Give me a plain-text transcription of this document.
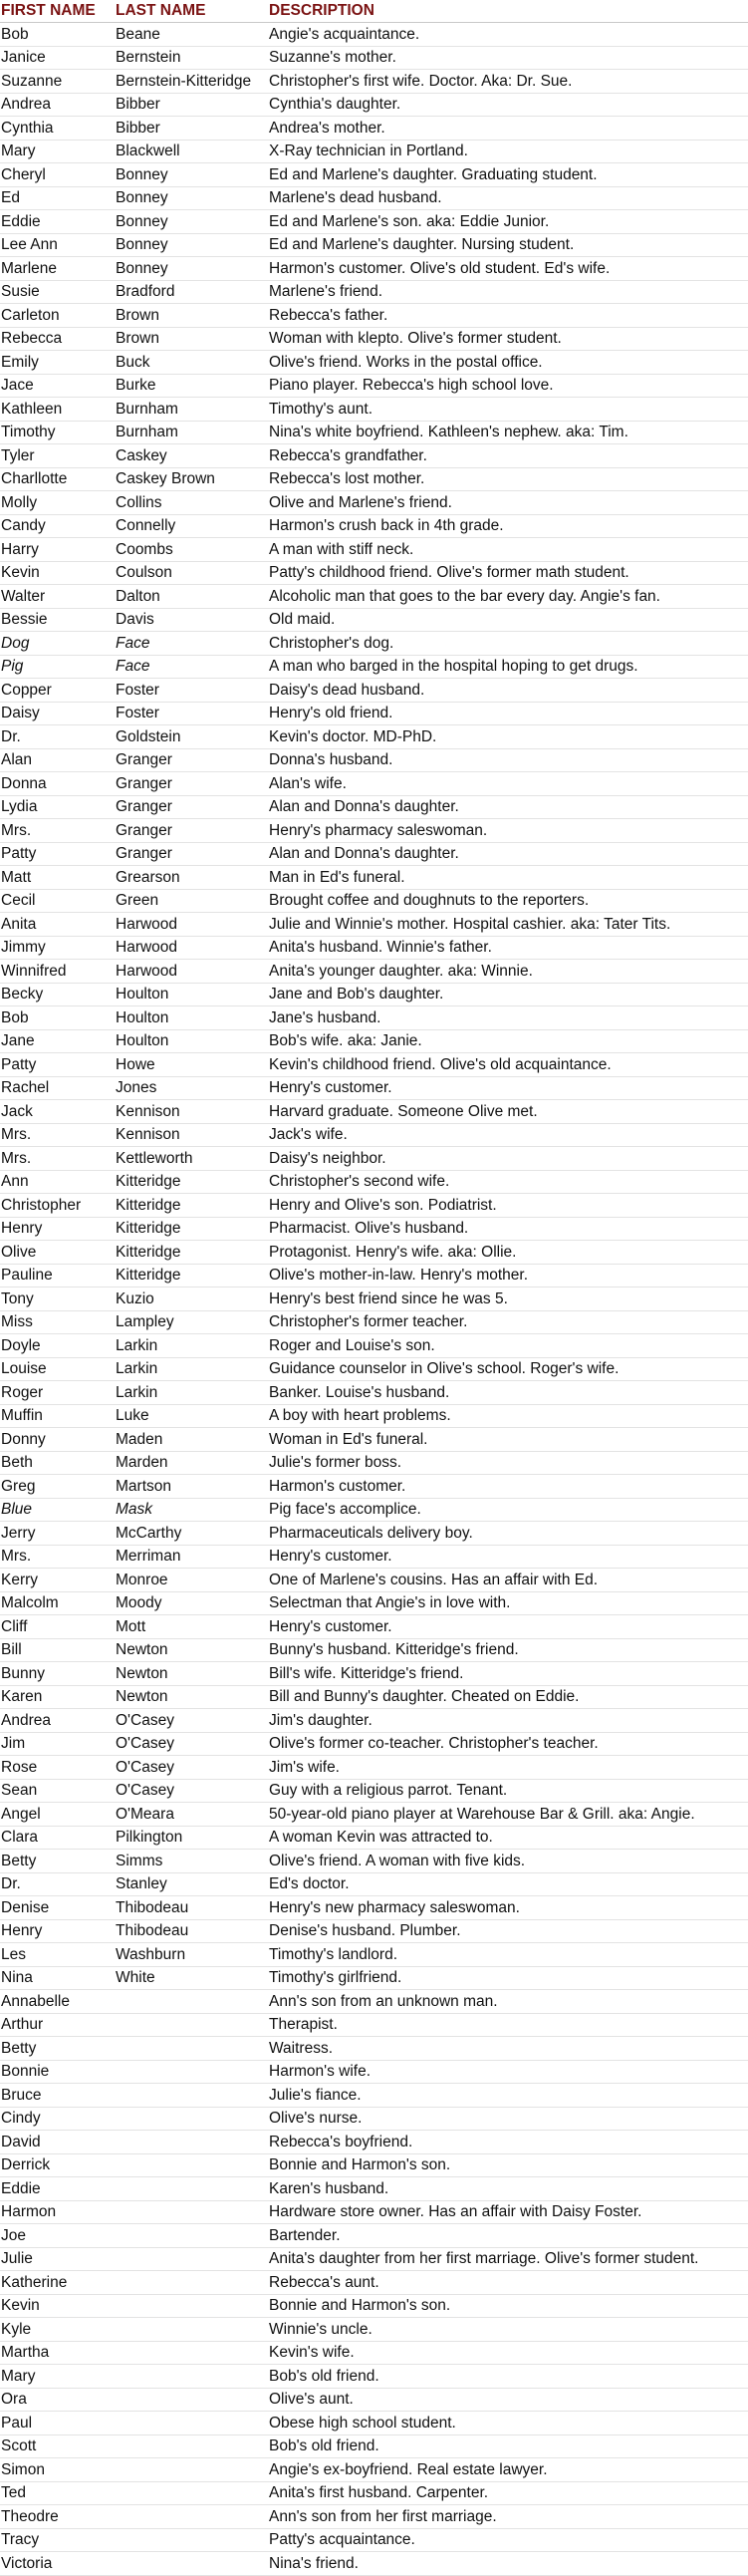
FIRST NAME	LAST NAME	DESCRIPTION
Bob	Beane	Angie's acquaintance.
Janice	Bernstein	Suzanne's mother.
Suzanne	Bernstein-Kitteridge	Christopher's first wife. Doctor. Aka: Dr. Sue.
Andrea	Bibber	Cynthia's daughter.
Cynthia	Bibber	Andrea's mother.
Mary	Blackwell	X-Ray technician in Portland.
Cheryl	Bonney	Ed and Marlene's daughter. Graduating student.
Ed	Bonney	Marlene's dead husband.
Eddie	Bonney	Ed and Marlene's son. aka: Eddie Junior.
Lee Ann	Bonney	Ed and Marlene's daughter. Nursing student.
Marlene	Bonney	Harmon's customer. Olive's old student. Ed's wife.
Susie	Bradford	Marlene's friend.
Carleton	Brown	Rebecca's father.
Rebecca	Brown	Woman with klepto. Olive's former student.
Emily	Buck	Olive's friend. Works in the postal office.
Jace	Burke	Piano player. Rebecca's high school love.
Kathleen	Burnham	Timothy's aunt.
Timothy	Burnham	Nina's white boyfriend. Kathleen's nephew. aka: Tim.
Tyler	Caskey	Rebecca's grandfather.
Charllotte	Caskey Brown	Rebecca's lost mother.
Molly	Collins	Olive and Marlene's friend.
Candy	Connelly	Harmon's crush back in 4th grade.
Harry	Coombs	A man with stiff neck.
Kevin	Coulson	Patty's childhood friend. Olive's former math student.
Walter	Dalton	Alcoholic man that goes to the bar every day. Angie's fan.
Bessie	Davis	Old maid.
Dog	Face	Christopher's dog.
Pig	Face	A man who barged in the hospital hoping to get drugs.
Copper	Foster	Daisy's dead husband.
Daisy	Foster	Henry's old friend.
Dr.	Goldstein	Kevin's doctor. MD-PhD.
Alan	Granger	Donna's husband.
Donna	Granger	Alan's wife.
Lydia	Granger	Alan and Donna's daughter.
Mrs.	Granger	Henry's pharmacy saleswoman.
Patty	Granger	Alan and Donna's daughter.
Matt	Grearson	Man in Ed's funeral.
Cecil	Green	Brought coffee and doughnuts to the reporters.
Anita	Harwood	Julie and Winnie's mother. Hospital cashier. aka: Tater Tits.
Jimmy	Harwood	Anita's husband. Winnie's father.
Winnifred	Harwood	Anita's younger daughter. aka: Winnie.
Becky	Houlton	Jane and Bob's daughter.
Bob	Houlton	Jane's husband.
Jane	Houlton	Bob's wife. aka: Janie.
Patty	Howe	Kevin's childhood friend. Olive's old acquaintance.
Rachel	Jones	Henry's customer.
Jack	Kennison	Harvard graduate. Someone Olive met.
Mrs.	Kennison	Jack's wife.
Mrs.	Kettleworth	Daisy's neighbor.
Ann	Kitteridge	Christopher's second wife.
Christopher	Kitteridge	Henry and Olive's son. Podiatrist.
Henry	Kitteridge	Pharmacist. Olive's husband.
Olive	Kitteridge	Protagonist. Henry's wife. aka: Ollie.
Pauline	Kitteridge	Olive's mother-in-law. Henry's mother.
Tony	Kuzio	Henry's best friend since he was 5.
Miss	Lampley	Christopher's former teacher.
Doyle	Larkin	Roger and Louise's son.
Louise	Larkin	Guidance counselor in Olive's school. Roger's wife.
Roger	Larkin	Banker. Louise's husband.
Muffin	Luke	A boy with heart problems.
Donny	Maden	Woman in Ed's funeral.
Beth	Marden	Julie's former boss.
Greg	Martson	Harmon's customer.
Blue	Mask	Pig face's accomplice.
Jerry	McCarthy	Pharmaceuticals delivery boy.
Mrs.	Merriman	Henry's customer.
Kerry	Monroe	One of Marlene's cousins. Has an affair with Ed.
Malcolm	Moody	Selectman that Angie's in love with.
Cliff	Mott	Henry's customer.
Bill	Newton	Bunny's husband. Kitteridge's friend.
Bunny	Newton	Bill's wife. Kitteridge's friend.
Karen	Newton	Bill and Bunny's daughter. Cheated on Eddie.
Andrea	O'Casey	Jim's daughter.
Jim	O'Casey	Olive's former co-teacher. Christopher's teacher.
Rose	O'Casey	Jim's wife.
Sean	O'Casey	Guy with a religious parrot. Tenant.
Angel	O'Meara	50-year-old piano player at Warehouse Bar & Grill. aka: Angie.
Clara	Pilkington	A woman Kevin was attracted to.
Betty	Simms	Olive's friend. A woman with five kids.
Dr.	Stanley	Ed's doctor.
Denise	Thibodeau	Henry's new pharmacy saleswoman.
Henry	Thibodeau	Denise's husband. Plumber.
Les	Washburn	Timothy's landlord.
Nina	White	Timothy's girlfriend.
Annabelle		Ann's son from an unknown man.
Arthur		Therapist.
Betty		Waitress.
Bonnie		Harmon's wife.
Bruce		Julie's fiance.
Cindy		Olive's nurse.
David		Rebecca's boyfriend.
Derrick		Bonnie and Harmon's son.
Eddie		Karen's husband.
Harmon		Hardware store owner. Has an affair with Daisy Foster.
Joe		Bartender.
Julie		Anita's daughter from her first marriage. Olive's former student.
Katherine		Rebecca's aunt.
Kevin		Bonnie and Harmon's son.
Kyle		Winnie's uncle.
Martha		Kevin's wife.
Mary		Bob's old friend.
Ora		Olive's aunt.
Paul		Obese high school student.
Scott		Bob's old friend.
Simon		Angie's ex-boyfriend. Real estate lawyer.
Ted		Anita's first husband. Carpenter.
Theodre		Ann's son from her first marriage.
Tracy		Patty's acquaintance.
Victoria		Nina's friend.
